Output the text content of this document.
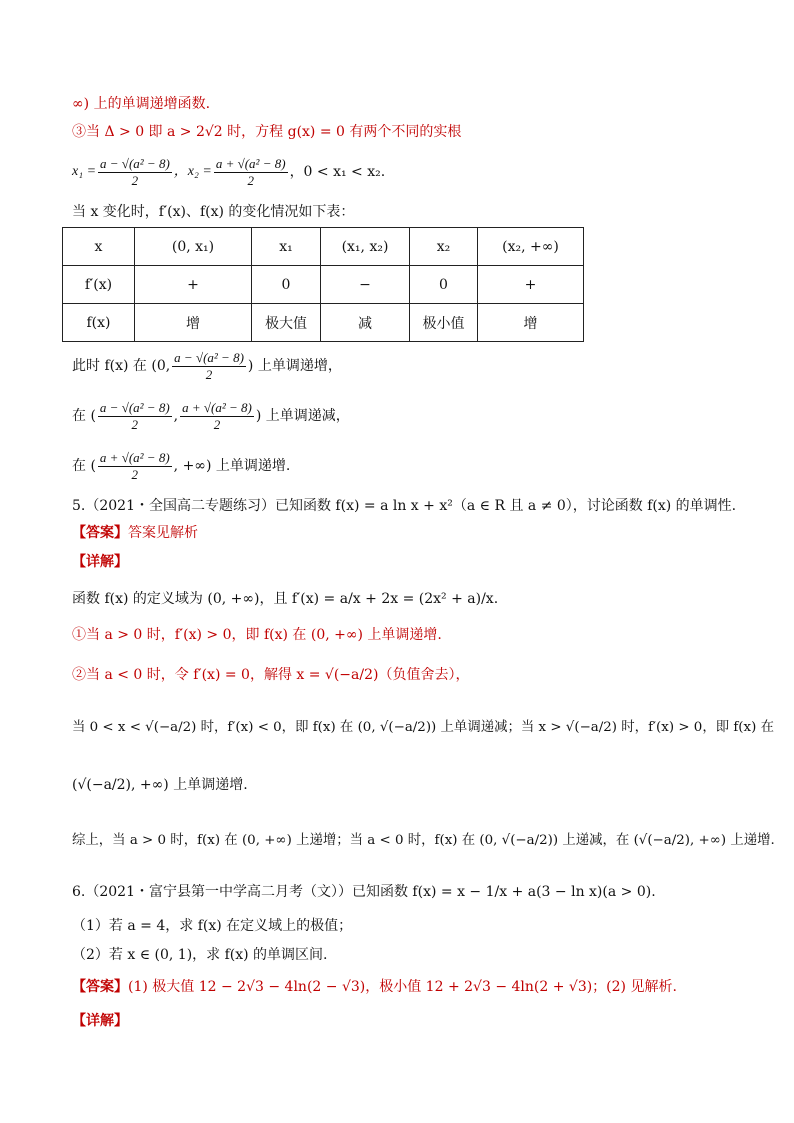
∞) 上的单调递增函数.
③当 Δ > 0 即 a > 2√2 时，方程 g(x) = 0 有两个不同的实根
$x_1 = \frac{\text{a − √(a² − 8)}}{2}$ ，$x_2 = \frac{\text{a + √(a² − 8)}}{2}$ ，0 < x₁ < x₂.
当 x 变化时，f′(x)、f(x) 的变化情况如下表：
x	(0, x₁)	x₁	(x₁, x₂)	x₂	(x₂, +∞)
f′(x)	+	0	−	0	+
f(x)	增	极大值	减	极小值	增
此时 f(x) 在 (0, $\frac{\text{a − √(a² − 8)}}{2}$ ) 上单调递增，
在 ( $\frac{\text{a − √(a² − 8)}}{2}$ , $\frac{\text{a + √(a² − 8)}}{2}$ ) 上单调递减，
在 ( $\frac{\text{a + √(a² − 8)}}{2}$ , +∞) 上单调递增.
5.（2021・全国高二专题练习）已知函数 f(x) = a ln x + x²（a ∈ R 且 a ≠ 0），讨论函数 f(x) 的单调性.
【答案】答案见解析
【详解】
函数 f(x) 的定义域为 (0, +∞)，且 f′(x) = a/x + 2x = (2x² + a)/x.
①当 a > 0 时，f′(x) > 0，即 f(x) 在 (0, +∞) 上单调递增.
②当 a < 0 时，令 f′(x) = 0，解得 x = √(−a/2)（负值舍去），
当 0 < x < √(−a/2) 时，f′(x) < 0，即 f(x) 在 (0, √(−a/2)) 上单调递减；当 x > √(−a/2) 时，f′(x) > 0，即 f(x) 在
(√(−a/2), +∞) 上单调递增.
综上，当 a > 0 时，f(x) 在 (0, +∞) 上递增；当 a < 0 时，f(x) 在 (0, √(−a/2)) 上递减，在 (√(−a/2), +∞) 上递增.
6.（2021・富宁县第一中学高二月考（文））已知函数 f(x) = x − 1/x + a(3 − ln x)(a > 0).
（1）若 a = 4，求 f(x) 在定义域上的极值；
（2）若 x ∈ (0, 1)，求 f(x) 的单调区间.
【答案】(1) 极大值 12 − 2√3 − 4ln(2 − √3)，极小值 12 + 2√3 − 4ln(2 + √3)；(2) 见解析.
【详解】
